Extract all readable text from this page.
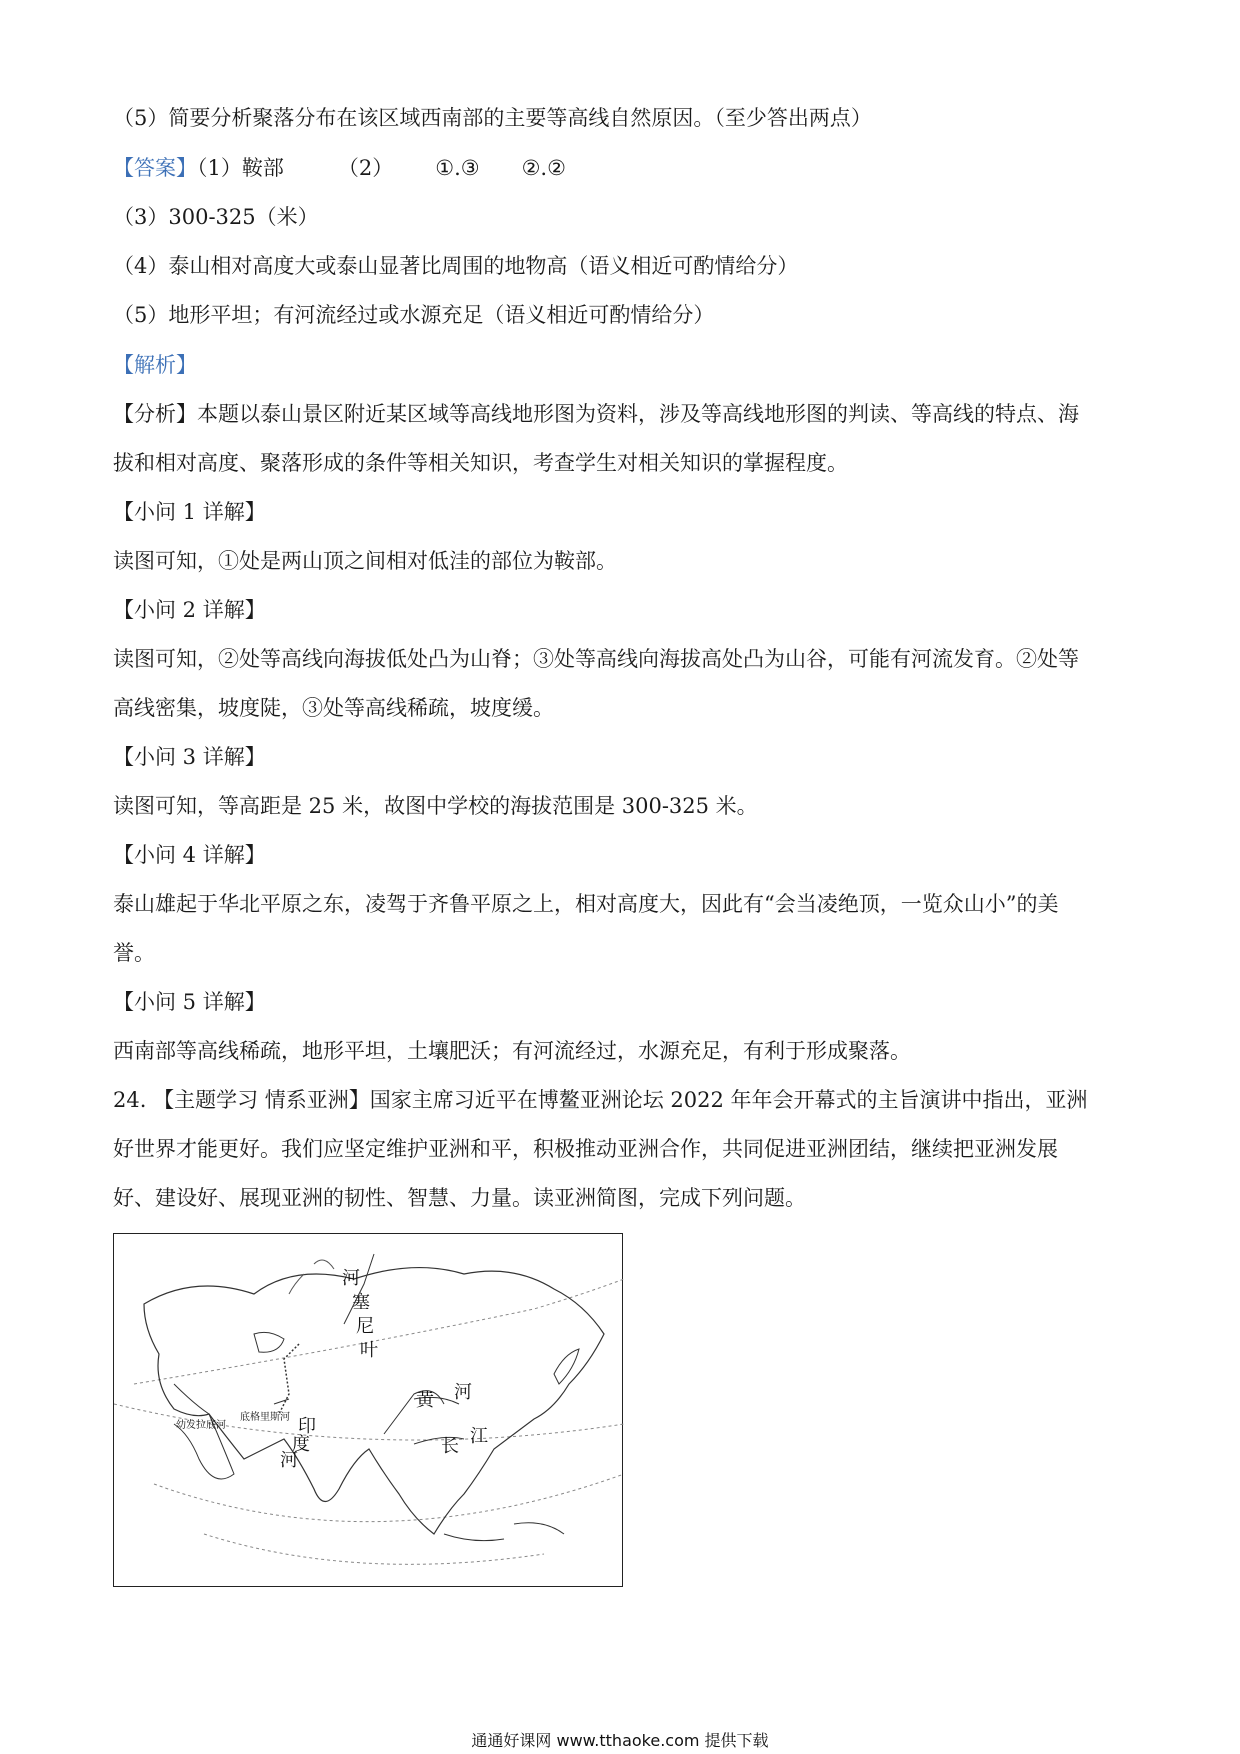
（5）简要分析聚落分布在该区域西南部的主要等高线自然原因。（至少答出两点）
【答案】（1）鞍部	（2） ①.③ ②.②
（3）300-325（米）
（4）泰山相对高度大或泰山显著比周围的地物高（语义相近可酌情给分）
（5）地形平坦；有河流经过或水源充足（语义相近可酌情给分）
【解析】
【分析】本题以泰山景区附近某区域等高线地形图为资料，涉及等高线地形图的判读、等高线的特点、海
拔和相对高度、聚落形成的条件等相关知识，考查学生对相关知识的掌握程度。
【小问 1 详解】
读图可知，①处是两山顶之间相对低洼的部位为鞍部。
【小问 2 详解】
读图可知，②处等高线向海拔低处凸为山脊；③处等高线向海拔高处凸为山谷，可能有河流发育。②处等
高线密集，坡度陡，③处等高线稀疏，坡度缓。
【小问 3 详解】
读图可知，等高距是 25 米，故图中学校的海拔范围是 300-325 米。
【小问 4 详解】
泰山雄起于华北平原之东，凌驾于齐鲁平原之上，相对高度大，因此有“会当凌绝顶，一览众山小”的美
誉。
【小问 5 详解】
西南部等高线稀疏，地形平坦，土壤肥沃；有河流经过，水源充足，有利于形成聚落。
24. 【主题学习 情系亚洲】国家主席习近平在博鳌亚洲论坛 2022 年年会开幕式的主旨演讲中指出，亚洲
好世界才能更好。我们应坚定维护亚洲和平，积极推动亚洲合作，共同促进亚洲团结，继续把亚洲发展
好、建设好、展现亚洲的韧性、智慧、力量。读亚洲简图，完成下列问题。
河
塞
尼
叶
黄 河
长 江
印
度
河
底格里斯河
幼发拉底河
通通好课网 www.tthaoke.com 提供下载
